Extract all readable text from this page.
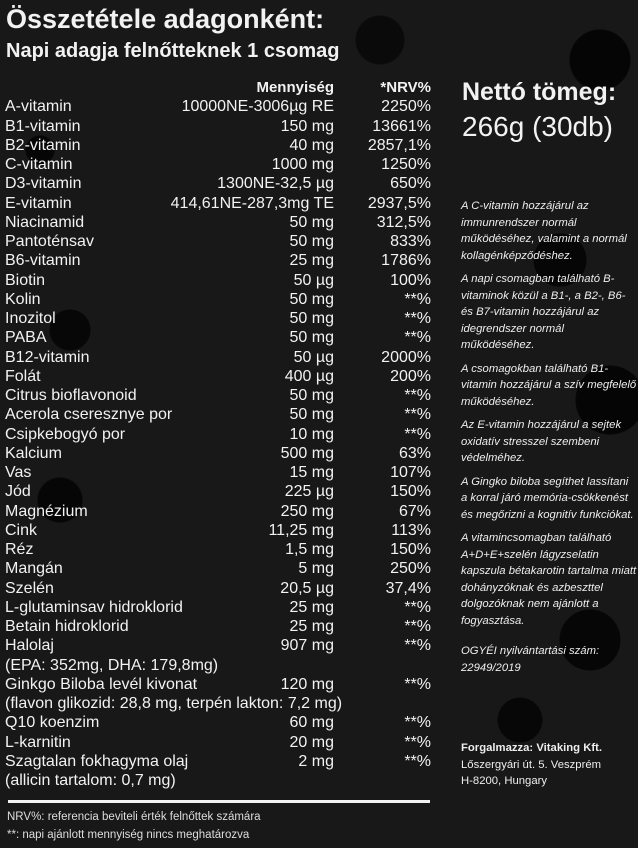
Összetétele adagonként:
Napi adagja felnőtteknek 1 csomag
Mennyiség	*NRV%
A-vitamin	10000NE-3006µg RE	2250%
B1-vitamin	150 mg 13661%
B2-vitamin	40 mg 2857,1%
C-vitamin	1000 mg	1250%
D3-vitamin	1300NE-32,5 µg	650%
E-vitamin	414,61NE-287,3mg TE 2937,5%
Niacinamid	50 mg	312,5%
Pantoténsav	50 mg	833%
B6-vitamin	25 mg	1786%
Biotin	50 µg	100%
Kolin	50 mg	**%
Inozitol	50 mg	**%
PABA	50 mg	**%
B12-vitamin	50 µg	2000%
Folát	400 µg	200%
Citrus bioflavonoid	50 mg	**%
Acerola cseresznye por	50 mg	**%
Csipkebogyó por	10 mg	**%
Kalcium	500 mg	63%
Vas	15 mg	107%
Jód	225 µg	150%
Magnézium	250 mg	67%
Cink	11,25 mg	113%
Réz	1,5 mg	150%
Mangán	5 mg	250%
Szelén	20,5 µg	37,4%
L-glutaminsav hidroklorid	25 mg	**%
Betain hidroklorid	25 mg	**%
Halolaj	907 mg	**%
(EPA: 352mg, DHA: 179,8mg)
Ginkgo Biloba levél kivonat	120 mg	**%
(flavon glikozid: 28,8 mg, terpén lakton: 7,2 mg)
Q10 koenzim	60 mg	**%
L-karnitin	20 mg	**%
Szagtalan fokhagyma olaj	2 mg	**%
(allicin tartalom: 0,7 mg)
NRV%: referencia beviteli érték felnőttek számára
**: napi ajánlott mennyiség nincs meghatározva
Nettó tömeg:
266g (30db)

A C-vitamin hozzájárul az immunrendszer normál működéséhez, valamint a normál kollagénképződéshez.

A napi csomagban található B-vitaminok közül a B1-, a B2-, B6- és B7-vitamin hozzájárul az idegrendszer normál működéséhez.

A csomagokban található B1-vitamin hozzájárul a szív megfelelő működéséhez.

Az E-vitamin hozzájárul a sejtek oxidatív stresszel szembeni védelméhez.

A Gingko biloba segíthet lassítani a korral járó memória-csökkenést és megőrizni a kognitív funkciókat.

A vitamincsomagban található A+D+E+szelén lágyzselatin kapszula bétakarotin tartalma miatt dohányzóknak és azbeszttel dolgozóknak nem ajánlott a fogyasztása.

OGYÉI nyilvántartási szám: 22949/2019

Forgalmazza: Vitaking Kft.
Lőszergyári út. 5. Veszprém
H-8200, Hungary
